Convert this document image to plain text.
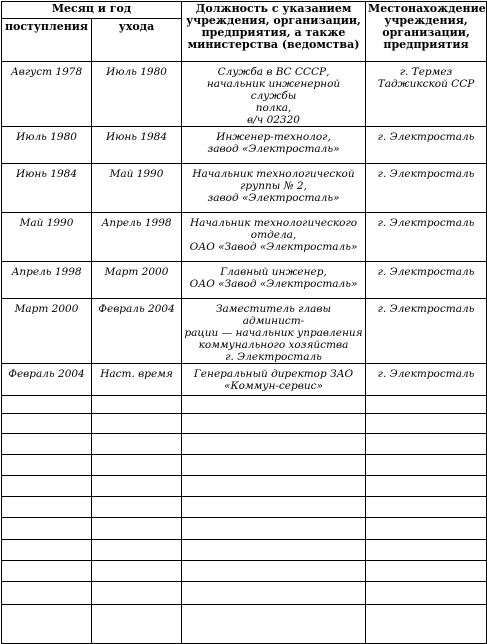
Месяц и год		Должность с указанием учреждения, организации, предприятия, а также министерства (ведомства)	Местонахождение учреждения, организации, предприятия
поступления	ухода		
Август 1978	Июль 1980	Служба в ВС СССР,
начальник инженерной службы
полка,
в/ч 02320	г. Термез
Таджикской ССР

Июль 1980	Июнь 1984	Инженер-технолог,
завод «Электросталь»	г. Электросталь

Июнь 1984	Май 1990	Начальник технологической
группы № 2,
завод «Электросталь»	г. Электросталь

Май 1990	Апрель 1998	Начальник технологического
отдела,
ОАО «Завод «Электросталь»	г. Электросталь

Апрель 1998	Март 2000	Главный инженер,
ОАО «Завод «Электросталь»	г. Электросталь

Март 2000	Февраль 2004	Заместитель главы админист-
рации — начальник управления
коммунального хозяйства
г. Электросталь	г. Электросталь

Февраль 2004	Наст. время	Генеральный директор ЗАО
«Коммун-сервис»	г. Электросталь
